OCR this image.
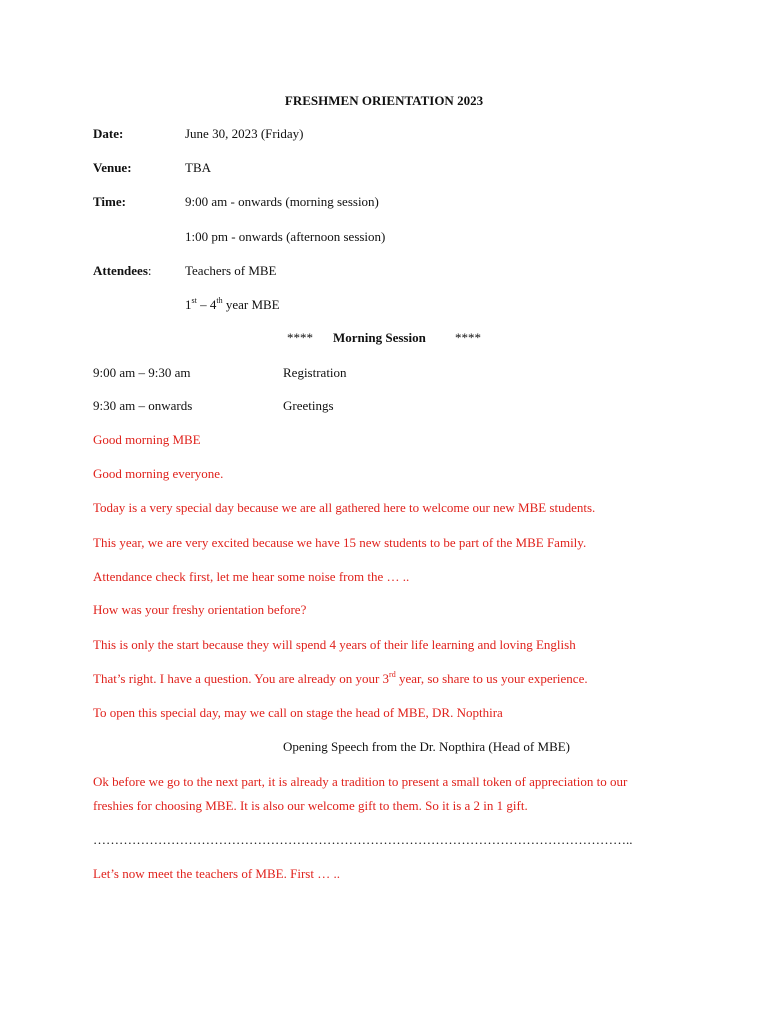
FRESHMEN ORIENTATION 2023
Date:	June 30, 2023 (Friday)
Venue:	TBA
Time:	9:00 am - onwards (morning session)
1:00 pm - onwards (afternoon session)
Attendees:	Teachers of MBE
1st – 4th year MBE
**** Morning Session ****
9:00 am – 9:30 am	Registration
9:30 am – onwards	Greetings
Good morning MBE
Good morning everyone.
Today is a very special day because we are all gathered here to welcome our new MBE students.
This year, we are very excited because we have 15 new students to be part of the MBE Family.
Attendance check first, let me hear some noise from the … ..
How was your freshy orientation before?
This is only the start because they will spend 4 years of their life learning and loving English
That’s right. I have a question. You are already on your 3rd year, so share to us your experience.
To open this special day, may we call on stage the head of MBE, DR. Nopthira
Opening Speech from the Dr. Nopthira (Head of MBE)
Ok before we go to the next part, it is already a tradition to present a small token of appreciation to our
freshies for choosing MBE. It is also our welcome gift to them. So it is a 2 in 1 gift.
……………………………………………………………………………………………………………..
Let’s now meet the teachers of MBE. First … ..
